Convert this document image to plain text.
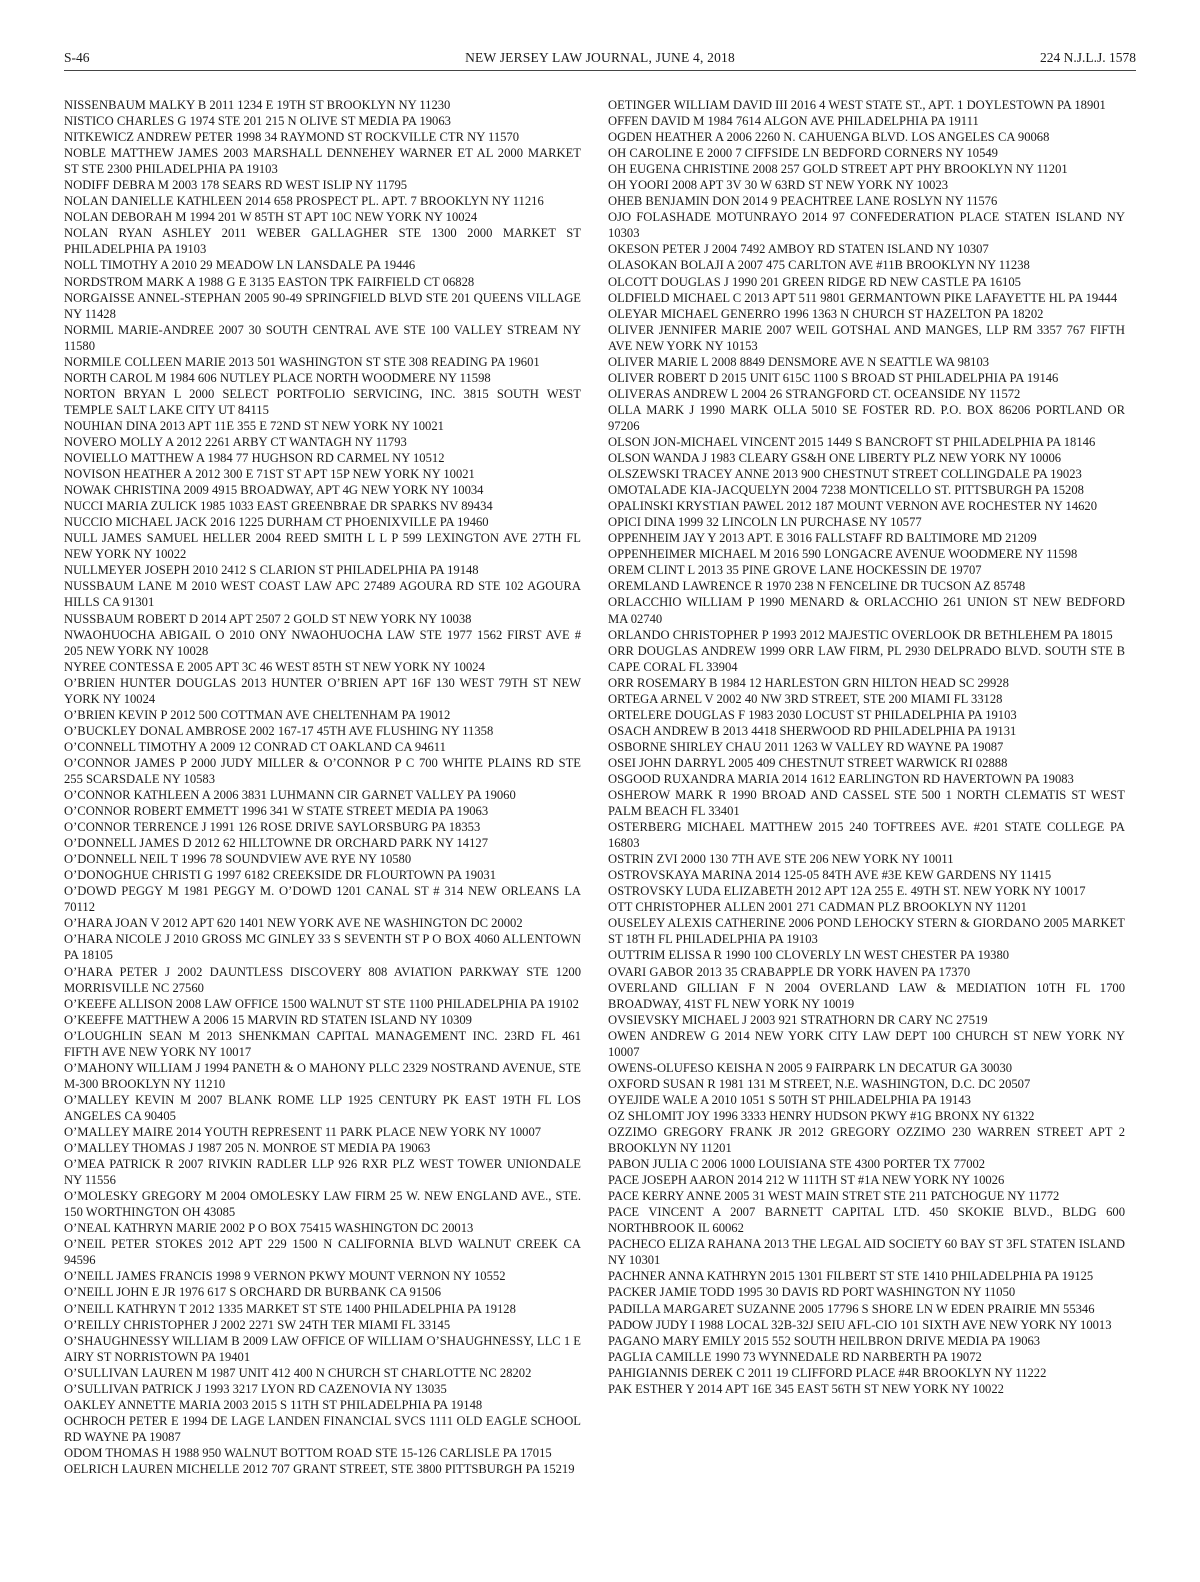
S-46	NEW JERSEY LAW JOURNAL, JUNE 4, 2018	224 N.J.L.J. 1578

NISSENBAUM MALKY B 2011 1234 E 19TH ST BROOKLYN NY 11230

NISTICO CHARLES G 1974 STE 201 215 N OLIVE ST MEDIA PA 19063

NITKEWICZ ANDREW PETER 1998 34 RAYMOND ST ROCKVILLE CTR NY 11570

NOBLE MATTHEW JAMES 2003 MARSHALL DENNEHEY WARNER ET AL 2000 MARKET ST STE 2300 PHILADELPHIA PA 19103

NODIFF DEBRA M 2003 178 SEARS RD WEST ISLIP NY 11795

NOLAN DANIELLE KATHLEEN 2014 658 PROSPECT PL. APT. 7 BROOKLYN NY 11216

NOLAN DEBORAH M 1994 201 W 85TH ST APT 10C NEW YORK NY 10024

NOLAN RYAN ASHLEY 2011 WEBER GALLAGHER STE 1300 2000 MARKET ST PHILADELPHIA PA 19103

NOLL TIMOTHY A 2010 29 MEADOW LN LANSDALE PA 19446

NORDSTROM MARK A 1988 G E 3135 EASTON TPK FAIRFIELD CT 06828

NORGAISSE ANNEL-STEPHAN 2005 90-49 SPRINGFIELD BLVD STE 201 QUEENS VILLAGE NY 11428

NORMIL MARIE-ANDREE 2007 30 SOUTH CENTRAL AVE STE 100 VALLEY STREAM NY 11580

NORMILE COLLEEN MARIE 2013 501 WASHINGTON ST STE 308 READING PA 19601

NORTH CAROL M 1984 606 NUTLEY PLACE NORTH WOODMERE NY 11598

NORTON BRYAN L 2000 SELECT PORTFOLIO SERVICING, INC. 3815 SOUTH WEST TEMPLE SALT LAKE CITY UT 84115

NOUHIAN DINA 2013 APT 11E 355 E 72ND ST NEW YORK NY 10021

NOVERO MOLLY A 2012 2261 ARBY CT WANTAGH NY 11793

NOVIELLO MATTHEW A 1984 77 HUGHSON RD CARMEL NY 10512

NOVISON HEATHER A 2012 300 E 71ST ST APT 15P NEW YORK NY 10021

NOWAK CHRISTINA 2009 4915 BROADWAY, APT 4G NEW YORK NY 10034

NUCCI MARIA ZULICK 1985 1033 EAST GREENBRAE DR SPARKS NV 89434

NUCCIO MICHAEL JACK 2016 1225 DURHAM CT PHOENIXVILLE PA 19460

NULL JAMES SAMUEL HELLER 2004 REED SMITH L L P 599 LEXINGTON AVE 27TH FL NEW YORK NY 10022

NULLMEYER JOSEPH 2010 2412 S CLARION ST PHILADELPHIA PA 19148

NUSSBAUM LANE M 2010 WEST COAST LAW APC 27489 AGOURA RD STE 102 AGOURA HILLS CA 91301

NUSSBAUM ROBERT D 2014 APT 2507 2 GOLD ST NEW YORK NY 10038

NWAOHUOCHA ABIGAIL O 2010 ONY NWAOHUOCHA LAW STE 1977 1562 FIRST AVE # 205 NEW YORK NY 10028

NYREE CONTESSA E 2005 APT 3C 46 WEST 85TH ST NEW YORK NY 10024

O’BRIEN HUNTER DOUGLAS 2013 HUNTER O’BRIEN APT 16F 130 WEST 79TH ST NEW YORK NY 10024

O’BRIEN KEVIN P 2012 500 COTTMAN AVE CHELTENHAM PA 19012

O’BUCKLEY DONAL AMBROSE 2002 167-17 45TH AVE FLUSHING NY 11358

O’CONNELL TIMOTHY A 2009 12 CONRAD CT OAKLAND CA 94611

O’CONNOR JAMES P 2000 JUDY MILLER & O’CONNOR P C 700 WHITE PLAINS RD STE 255 SCARSDALE NY 10583

O’CONNOR KATHLEEN A 2006 3831 LUHMANN CIR GARNET VALLEY PA 19060

O’CONNOR ROBERT EMMETT 1996 341 W STATE STREET MEDIA PA 19063

O’CONNOR TERRENCE J 1991 126 ROSE DRIVE SAYLORSBURG PA 18353

O’DONNELL JAMES D 2012 62 HILLTOWNE DR ORCHARD PARK NY 14127

O’DONNELL NEIL T 1996 78 SOUNDVIEW AVE RYE NY 10580

O’DONOGHUE CHRISTI G 1997 6182 CREEKSIDE DR FLOURTOWN PA 19031

O’DOWD PEGGY M 1981 PEGGY M. O’DOWD 1201 CANAL ST # 314 NEW ORLEANS LA 70112

O’HARA JOAN V 2012 APT 620 1401 NEW YORK AVE NE WASHINGTON DC 20002

O’HARA NICOLE J 2010 GROSS MC GINLEY 33 S SEVENTH ST P O BOX 4060 ALLENTOWN PA 18105

O’HARA PETER J 2002 DAUNTLESS DISCOVERY 808 AVIATION PARKWAY STE 1200 MORRISVILLE NC 27560

O’KEEFE ALLISON 2008 LAW OFFICE 1500 WALNUT ST STE 1100 PHILADELPHIA PA 19102

O’KEEFFE MATTHEW A 2006 15 MARVIN RD STATEN ISLAND NY 10309

O’LOUGHLIN SEAN M 2013 SHENKMAN CAPITAL MANAGEMENT INC. 23RD FL 461 FIFTH AVE NEW YORK NY 10017

O’MAHONY WILLIAM J 1994 PANETH & O MAHONY PLLC 2329 NOSTRAND AVENUE, STE M-300 BROOKLYN NY 11210

O’MALLEY KEVIN M 2007 BLANK ROME LLP 1925 CENTURY PK EAST 19TH FL LOS ANGELES CA 90405

O’MALLEY MAIRE 2014 YOUTH REPRESENT 11 PARK PLACE NEW YORK NY 10007

O’MALLEY THOMAS J 1987 205 N. MONROE ST MEDIA PA 19063

O’MEA PATRICK R 2007 RIVKIN RADLER LLP 926 RXR PLZ WEST TOWER UNIONDALE NY 11556

O’MOLESKY GREGORY M 2004 OMOLESKY LAW FIRM 25 W. NEW ENGLAND AVE., STE. 150 WORTHINGTON OH 43085

O’NEAL KATHRYN MARIE 2002 P O BOX 75415 WASHINGTON DC 20013

O’NEIL PETER STOKES 2012 APT 229 1500 N CALIFORNIA BLVD WALNUT CREEK CA 94596

O’NEILL JAMES FRANCIS 1998 9 VERNON PKWY MOUNT VERNON NY 10552

O’NEILL JOHN E JR 1976 617 S ORCHARD DR BURBANK CA 91506

O’NEILL KATHRYN T 2012 1335 MARKET ST STE 1400 PHILADELPHIA PA 19128

O’REILLY CHRISTOPHER J 2002 2271 SW 24TH TER MIAMI FL 33145

O’SHAUGHNESSY WILLIAM B 2009 LAW OFFICE OF WILLIAM O’SHAUGHNESSY, LLC 1 E AIRY ST NORRISTOWN PA 19401

O’SULLIVAN LAUREN M 1987 UNIT 412 400 N CHURCH ST CHARLOTTE NC 28202

O’SULLIVAN PATRICK J 1993 3217 LYON RD CAZENOVIA NY 13035

OAKLEY ANNETTE MARIA 2003 2015 S 11TH ST PHILADELPHIA PA 19148

OCHROCH PETER E 1994 DE LAGE LANDEN FINANCIAL SVCS 1111 OLD EAGLE SCHOOL RD WAYNE PA 19087

ODOM THOMAS H 1988 950 WALNUT BOTTOM ROAD STE 15-126 CARLISLE PA 17015

OELRICH LAUREN MICHELLE 2012 707 GRANT STREET, STE 3800 PITTSBURGH PA 15219

OETINGER WILLIAM DAVID III 2016 4 WEST STATE ST., APT. 1 DOYLESTOWN PA 18901

OFFEN DAVID M 1984 7614 ALGON AVE PHILADELPHIA PA 19111

OGDEN HEATHER A 2006 2260 N. CAHUENGA BLVD. LOS ANGELES CA 90068

OH CAROLINE E 2000 7 CIFFSIDE LN BEDFORD CORNERS NY 10549

OH EUGENA CHRISTINE 2008 257 GOLD STREET APT PHY BROOKLYN NY 11201

OH YOORI 2008 APT 3V 30 W 63RD ST NEW YORK NY 10023

OHEB BENJAMIN DON 2014 9 PEACHTREE LANE ROSLYN NY 11576

OJO FOLASHADE MOTUNRAYO 2014 97 CONFEDERATION PLACE STATEN ISLAND NY 10303

OKESON PETER J 2004 7492 AMBOY RD STATEN ISLAND NY 10307

OLASOKAN BOLAJI A 2007 475 CARLTON AVE #11B BROOKLYN NY 11238

OLCOTT DOUGLAS J 1990 201 GREEN RIDGE RD NEW CASTLE PA 16105

OLDFIELD MICHAEL C 2013 APT 511 9801 GERMANTOWN PIKE LAFAYETTE HL PA 19444

OLEYAR MICHAEL GENERRO 1996 1363 N CHURCH ST HAZELTON PA 18202

OLIVER JENNIFER MARIE 2007 WEIL GOTSHAL AND MANGES, LLP RM 3357 767 FIFTH AVE NEW YORK NY 10153

OLIVER MARIE L 2008 8849 DENSMORE AVE N SEATTLE WA 98103

OLIVER ROBERT D 2015 UNIT 615C 1100 S BROAD ST PHILADELPHIA PA 19146

OLIVERAS ANDREW L 2004 26 STRANGFORD CT. OCEANSIDE NY 11572

OLLA MARK J 1990 MARK OLLA 5010 SE FOSTER RD. P.O. BOX 86206 PORTLAND OR 97206

OLSON JON-MICHAEL VINCENT 2015 1449 S BANCROFT ST PHILADELPHIA PA 18146

OLSON WANDA J 1983 CLEARY GS&H ONE LIBERTY PLZ NEW YORK NY 10006

OLSZEWSKI TRACEY ANNE 2013 900 CHESTNUT STREET COLLINGDALE PA 19023

OMOTALADE KIA-JACQUELYN 2004 7238 MONTICELLO ST. PITTSBURGH PA 15208

OPALINSKI KRYSTIAN PAWEL 2012 187 MOUNT VERNON AVE ROCHESTER NY 14620

OPICI DINA 1999 32 LINCOLN LN PURCHASE NY 10577

OPPENHEIM JAY Y 2013 APT. E 3016 FALLSTAFF RD BALTIMORE MD 21209

OPPENHEIMER MICHAEL M 2016 590 LONGACRE AVENUE WOODMERE NY 11598

OREM CLINT L 2013 35 PINE GROVE LANE HOCKESSIN DE 19707

OREMLAND LAWRENCE R 1970 238 N FENCELINE DR TUCSON AZ 85748

ORLACCHIO WILLIAM P 1990 MENARD & ORLACCHIO 261 UNION ST NEW BEDFORD MA 02740

ORLANDO CHRISTOPHER P 1993 2012 MAJESTIC OVERLOOK DR BETHLEHEM PA 18015

ORR DOUGLAS ANDREW 1999 ORR LAW FIRM, PL 2930 DELPRADO BLVD. SOUTH STE B CAPE CORAL FL 33904

ORR ROSEMARY B 1984 12 HARLESTON GRN HILTON HEAD SC 29928

ORTEGA ARNEL V 2002 40 NW 3RD STREET, STE 200 MIAMI FL 33128

ORTELERE DOUGLAS F 1983 2030 LOCUST ST PHILADELPHIA PA 19103

OSACH ANDREW B 2013 4418 SHERWOOD RD PHILADELPHIA PA 19131

OSBORNE SHIRLEY CHAU 2011 1263 W VALLEY RD WAYNE PA 19087

OSEI JOHN DARRYL 2005 409 CHESTNUT STREET WARWICK RI 02888

OSGOOD RUXANDRA MARIA 2014 1612 EARLINGTON RD HAVERTOWN PA 19083

OSHEROW MARK R 1990 BROAD AND CASSEL STE 500 1 NORTH CLEMATIS ST WEST PALM BEACH FL 33401

OSTERBERG MICHAEL MATTHEW 2015 240 TOFTREES AVE. #201 STATE COLLEGE PA 16803

OSTRIN ZVI 2000 130 7TH AVE STE 206 NEW YORK NY 10011

OSTROVSKAYA MARINA 2014 125-05 84TH AVE #3E KEW GARDENS NY 11415

OSTROVSKY LUDA ELIZABETH 2012 APT 12A 255 E. 49TH ST. NEW YORK NY 10017

OTT CHRISTOPHER ALLEN 2001 271 CADMAN PLZ BROOKLYN NY 11201

OUSELEY ALEXIS CATHERINE 2006 POND LEHOCKY STERN & GIORDANO 2005 MARKET ST 18TH FL PHILADELPHIA PA 19103

OUTTRIM ELISSA R 1990 100 CLOVERLY LN WEST CHESTER PA 19380

OVARI GABOR 2013 35 CRABAPPLE DR YORK HAVEN PA 17370

OVERLAND GILLIAN F N 2004 OVERLAND LAW & MEDIATION 10TH FL 1700 BROADWAY, 41ST FL NEW YORK NY 10019

OVSIEVSKY MICHAEL J 2003 921 STRATHORN DR CARY NC 27519

OWEN ANDREW G 2014 NEW YORK CITY LAW DEPT 100 CHURCH ST NEW YORK NY 10007

OWENS-OLUFESO KEISHA N 2005 9 FAIRPARK LN DECATUR GA 30030

OXFORD SUSAN R 1981 131 M STREET, N.E. WASHINGTON, D.C. DC 20507

OYEJIDE WALE A 2010 1051 S 50TH ST PHILADELPHIA PA 19143

OZ SHLOMIT JOY 1996 3333 HENRY HUDSON PKWY #1G BRONX NY 61322

OZZIMO GREGORY FRANK JR 2012 GREGORY OZZIMO 230 WARREN STREET APT 2 BROOKLYN NY 11201

PABON JULIA C 2006 1000 LOUISIANA STE 4300 PORTER TX 77002

PACE JOSEPH AARON 2014 212 W 111TH ST #1A NEW YORK NY 10026

PACE KERRY ANNE 2005 31 WEST MAIN STRET STE 211 PATCHOGUE NY 11772

PACE VINCENT A 2007 BARNETT CAPITAL LTD. 450 SKOKIE BLVD., BLDG 600 NORTHBROOK IL 60062

PACHECO ELIZA RAHANA 2013 THE LEGAL AID SOCIETY 60 BAY ST 3FL STATEN ISLAND NY 10301

PACHNER ANNA KATHRYN 2015 1301 FILBERT ST STE 1410 PHILADELPHIA PA 19125

PACKER JAMIE TODD 1995 30 DAVIS RD PORT WASHINGTON NY 11050

PADILLA MARGARET SUZANNE 2005 17796 S SHORE LN W EDEN PRAIRIE MN 55346

PADOW JUDY I 1988 LOCAL 32B-32J SEIU AFL-CIO 101 SIXTH AVE NEW YORK NY 10013

PAGANO MARY EMILY 2015 552 SOUTH HEILBRON DRIVE MEDIA PA 19063

PAGLIA CAMILLE 1990 73 WYNNEDALE RD NARBERTH PA 19072

PAHIGIANNIS DEREK C 2011 19 CLIFFORD PLACE #4R BROOKLYN NY 11222

PAK ESTHER Y 2014 APT 16E 345 EAST 56TH ST NEW YORK NY 10022
